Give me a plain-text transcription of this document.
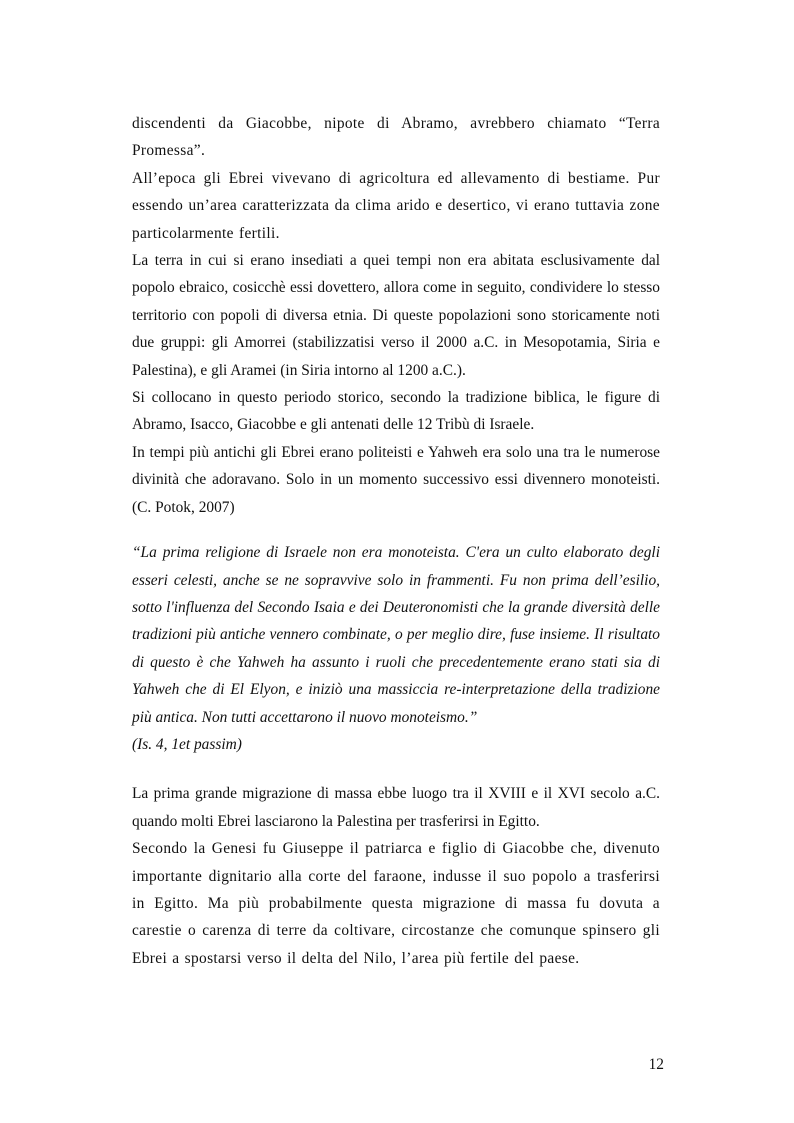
discendenti da Giacobbe, nipote di Abramo, avrebbero chiamato “Terra Promessa”.

All’epoca gli Ebrei vivevano di agricoltura ed allevamento di bestiame. Pur essendo un’area caratterizzata da clima arido e desertico, vi erano tuttavia zone particolarmente fertili.

La terra in cui si erano insediati a quei tempi non era abitata esclusivamente dal popolo ebraico, cosicchè essi dovettero, allora come in seguito, condividere lo stesso territorio con popoli di diversa etnia. Di queste popolazioni sono storicamente noti due gruppi: gli Amorrei (stabilizzatisi verso il 2000 a.C. in Mesopotamia, Siria e Palestina), e gli Aramei (in Siria intorno al 1200 a.C.).

Si collocano in questo periodo storico, secondo la tradizione biblica, le figure di Abramo, Isacco, Giacobbe e gli antenati delle 12 Tribù di Israele.

In tempi più antichi gli Ebrei erano politeisti e Yahweh era solo una tra le numerose divinità che adoravano. Solo in un momento successivo essi divennero monoteisti. (C. Potok, 2007)

“La prima religione di Israele non era monoteista. C'era un culto elaborato degli esseri celesti, anche se ne sopravvive solo in frammenti. Fu non prima dell’esilio, sotto l'influenza del Secondo Isaia e dei Deuteronomisti che la grande diversità delle tradizioni più antiche vennero combinate, o per meglio dire, fuse insieme. Il risultato di questo è che Yahweh ha assunto i ruoli che precedentemente erano stati sia di Yahweh che di El Elyon, e iniziò una massiccia re-interpretazione della tradizione più antica. Non tutti accettarono il nuovo monoteismo.”

(Is. 4, 1et passim)

La prima grande migrazione di massa ebbe luogo tra il XVIII e il XVI secolo a.C. quando molti Ebrei lasciarono la Palestina per trasferirsi in Egitto.

Secondo la Genesi fu Giuseppe il patriarca e figlio di Giacobbe che, divenuto importante dignitario alla corte del faraone, indusse il suo popolo a trasferirsi in Egitto. Ma più probabilmente questa migrazione di massa fu dovuta a carestie o carenza di terre da coltivare, circostanze che comunque spinsero gli Ebrei a spostarsi verso il delta del Nilo, l’area più fertile del paese.

12
